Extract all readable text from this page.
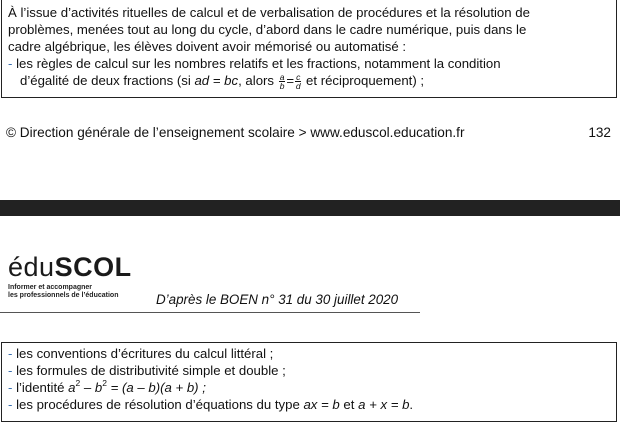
À l’issue d’activités rituelles de calcul et de verbalisation de procédures et la résolution de
problèmes, menées tout au long du cycle, d’abord dans le cadre numérique, puis dans le
cadre algébrique, les élèves doivent avoir mémorisé ou automatisé :
- les règles de calcul sur les nombres relatifs et les fractions, notamment la condition
d’égalité de deux fractions (si ad = bc, alors $\frac{a}{b} = \frac{c}{d}$ et réciproquement) ;
© Direction générale de l’enseignement scolaire > www.eduscol.education.fr	132
éduSCOL
Informer et accompagner
les professionnels de l’éducation	D’après le BOEN n° 31 du 30 juillet 2020
- les conventions d’écritures du calcul littéral ;
- les formules de distributivité simple et double ;
- l’identité $a^2 - b^2 = (a - b)(a + b)$ ;
- les procédures de résolution d’équations du type ax = b et a + x = b.
